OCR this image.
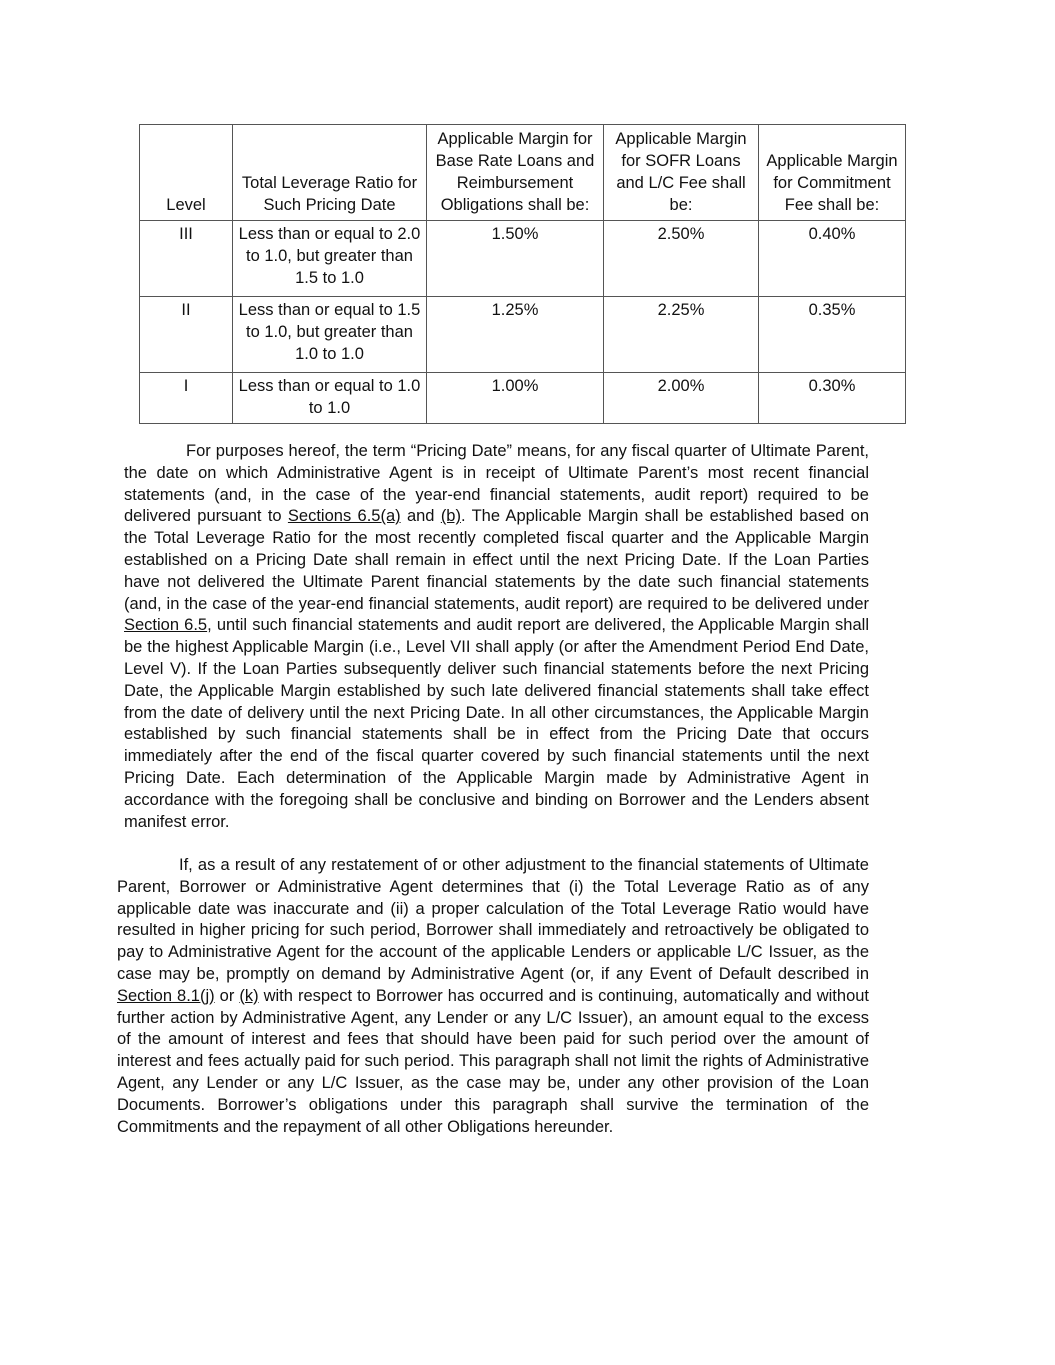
Level	Total Leverage Ratio for Such Pricing Date	Applicable Margin for Base Rate Loans and Reimbursement Obligations shall be:	Applicable Margin for SOFR Loans and L/C Fee shall be:	Applicable Margin for Commitment Fee shall be:
III	Less than or equal to 2.0 to 1.0, but greater than 1.5 to 1.0	1.50%	2.50%	0.40%
II	Less than or equal to 1.5 to 1.0, but greater than 1.0 to 1.0	1.25%	2.25%	0.35%
I	Less than or equal to 1.0 to 1.0	1.00%	2.00%	0.30%

For purposes hereof, the term “Pricing Date” means, for any fiscal quarter of Ultimate Parent, the date on which Administrative Agent is in receipt of Ultimate Parent’s most recent financial statements (and, in the case of the year-end financial statements, audit report) required to be delivered pursuant to Sections 6.5(a) and (b). The Applicable Margin shall be established based on the Total Leverage Ratio for the most recently completed fiscal quarter and the Applicable Margin established on a Pricing Date shall remain in effect until the next Pricing Date. If the Loan Parties have not delivered the Ultimate Parent financial statements by the date such financial statements (and, in the case of the year-end financial statements, audit report) are required to be delivered under Section 6.5, until such financial statements and audit report are delivered, the Applicable Margin shall be the highest Applicable Margin (i.e., Level VII shall apply (or after the Amendment Period End Date, Level V). If the Loan Parties subsequently deliver such financial statements before the next Pricing Date, the Applicable Margin established by such late delivered financial statements shall take effect from the date of delivery until the next Pricing Date. In all other circumstances, the Applicable Margin established by such financial statements shall be in effect from the Pricing Date that occurs immediately after the end of the fiscal quarter covered by such financial statements until the next Pricing Date. Each determination of the Applicable Margin made by Administrative Agent in accordance with the foregoing shall be conclusive and binding on Borrower and the Lenders absent manifest error.

If, as a result of any restatement of or other adjustment to the financial statements of Ultimate Parent, Borrower or Administrative Agent determines that (i) the Total Leverage Ratio as of any applicable date was inaccurate and (ii) a proper calculation of the Total Leverage Ratio would have resulted in higher pricing for such period, Borrower shall immediately and retroactively be obligated to pay to Administrative Agent for the account of the applicable Lenders or applicable L/C Issuer, as the case may be, promptly on demand by Administrative Agent (or, if any Event of Default described in Section 8.1(j) or (k) with respect to Borrower has occurred and is continuing, automatically and without further action by Administrative Agent, any Lender or any L/C Issuer), an amount equal to the excess of the amount of interest and fees that should have been paid for such period over the amount of interest and fees actually paid for such period. This paragraph shall not limit the rights of Administrative Agent, any Lender or any L/C Issuer, as the case may be, under any other provision of the Loan Documents. Borrower’s obligations under this paragraph shall survive the termination of the Commitments and the repayment of all other Obligations hereunder.
